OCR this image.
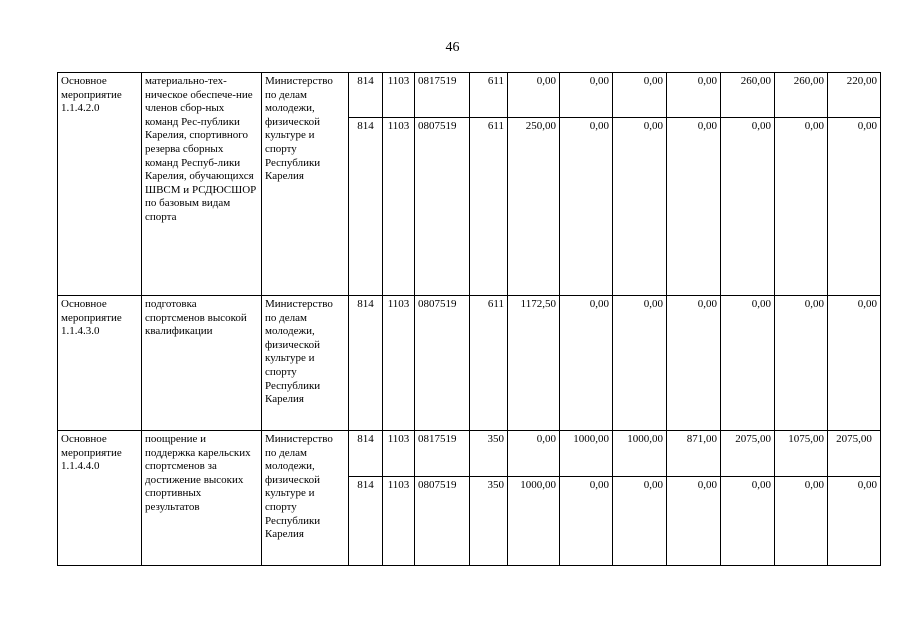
46
Основное мероприятие 1.1.4.2.0	материально-тех-ническое обеспече-ние членов сбор-ных команд Рес-публики Карелия, спортивного резерва сборных команд Респуб-лики Карелия, обучающихся ШВСМ и РСДЮСШОР по базовым видам спорта	Министерство по делам молодежи, физической культуре и спорту Республики Карелия	814	1103	0817519	611	0,00	0,00	0,00	0,00	260,00	260,00	220,00
			814	1103	0807519	611	250,00	0,00	0,00	0,00	0,00	0,00	0,00
Основное мероприятие 1.1.4.3.0	подготовка спортсменов высокой квалификации	Министерство по делам молодежи, физической культуре и спорту Республики Карелия	814	1103	0807519	611	1172,50	0,00	0,00	0,00	0,00	0,00	0,00
Основное мероприятие 1.1.4.4.0	поощрение и поддержка карельских спортсменов за достижение высоких спортивных результатов	Министерство по делам молодежи, физической культуре и спорту Республики Карелия	814	1103	0817519	350	0,00	1000,00	1000,00	871,00	2075,00	1075,00	2075,00
			814	1103	0807519	350	1000,00	0,00	0,00	0,00	0,00	0,00	0,00
